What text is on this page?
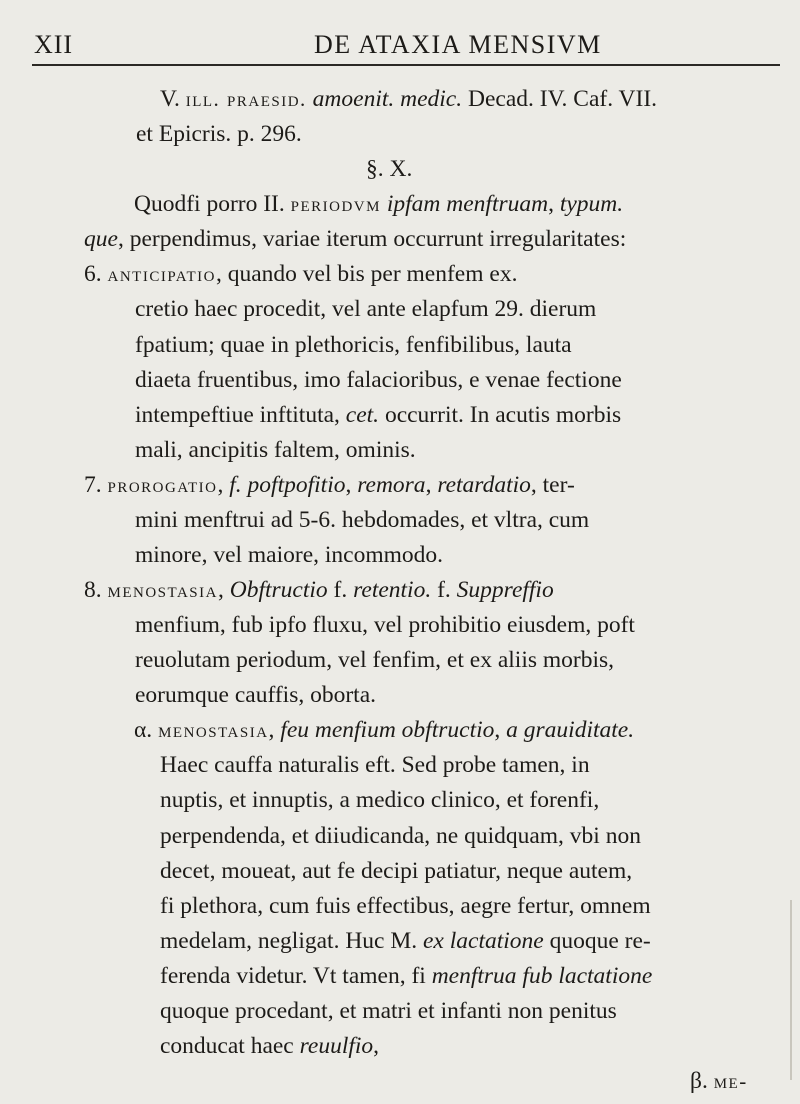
XII	DE ATAXIA MENSIVM
V. ill. praesid. amoenit. medic. Decad. IV. Caf. VII.
et Epicris. p. 296.
§. X.
Quodfi porro II. periodvm ipfam menftruam, typum.
que, perpendimus, variae iterum occurrunt irregularitates:
6. anticipatio, quando vel bis per menfem ex.
cretio haec procedit, vel ante elapfum 29. dierum
fpatium; quae in plethoricis, fenfibilibus, lauta
diaeta fruentibus, imo falacioribus, e venae fectione
intempeftiue inftituta, cet. occurrit. In acutis morbis
mali, ancipitis faltem, ominis.
7. prorogatio, f. poftpofitio, remora, retardatio, ter-
mini menftrui ad 5-6. hebdomades, et vltra, cum
minore, vel maiore, incommodo.
8. menostasia, Obftructio f. retentio. f. Suppreffio
menfium, fub ipfo fluxu, vel prohibitio eiusdem, poft
reuolutam periodum, vel fenfim, et ex aliis morbis,
eorumque cauffis, oborta.
α. menostasia, feu menfium obftructio, a grauiditate.
Haec cauffa naturalis eft. Sed probe tamen, in
nuptis, et innuptis, a medico clinico, et forenfi,
perpendenda, et diiudicanda, ne quidquam, vbi non
decet, moueat, aut fe decipi patiatur, neque autem,
fi plethora, cum fuis effectibus, aegre fertur, omnem
medelam, negligat. Huc M. ex lactatione quoque re-
ferenda videtur. Vt tamen, fi menftrua fub lactatione
quoque procedant, et matri et infanti non penitus
conducat haec reuulfio,
β. me-
